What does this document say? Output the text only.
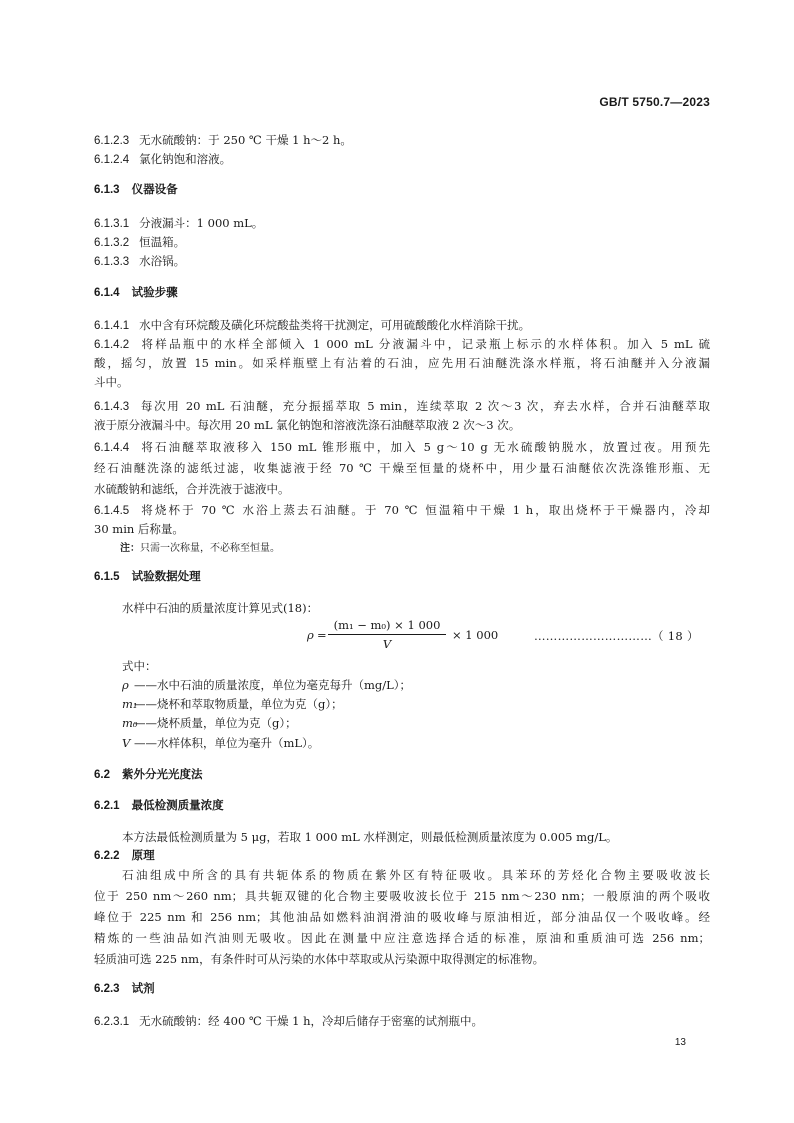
GB/T 5750.7—2023
6.1.2.3 无水硫酸钠：于 250 ℃ 干燥 1 h～2 h。
6.1.2.4 氯化钠饱和溶液。
6.1.3 仪器设备
6.1.3.1 分液漏斗：1 000 mL。
6.1.3.2 恒温箱。
6.1.3.3 水浴锅。
6.1.4 试验步骤
6.1.4.1 水中含有环烷酸及磺化环烷酸盐类将干扰测定，可用硫酸酸化水样消除干扰。
6.1.4.2 将样品瓶中的水样全部倾入 1 000 mL 分液漏斗中，记录瓶上标示的水样体积。加入 5 mL 硫
酸，摇匀，放置 15 min。如采样瓶壁上有沾着的石油，应先用石油醚洗涤水样瓶，将石油醚并入分液漏
斗中。
6.1.4.3 每次用 20 mL 石油醚，充分振摇萃取 5 min，连续萃取 2 次～3 次，弃去水样，合并石油醚萃取
液于原分液漏斗中。每次用 20 mL 氯化钠饱和溶液洗涤石油醚萃取液 2 次～3 次。
6.1.4.4 将石油醚萃取液移入 150 mL 锥形瓶中，加入 5 g～10 g 无水硫酸钠脱水，放置过夜。用预先
经石油醚洗涤的滤纸过滤，收集滤液于经 70 ℃ 干燥至恒量的烧杯中，用少量石油醚依次洗涤锥形瓶、无
水硫酸钠和滤纸，合并洗液于滤液中。
6.1.4.5 将烧杯于 70 ℃ 水浴上蒸去石油醚。于 70 ℃ 恒温箱中干燥 1 h，取出烧杯于干燥器内，冷却
30 min 后称量。
注：只需一次称量，不必称至恒量。
6.1.5 试验数据处理
水样中石油的质量浓度计算见式(18)：
ρ =
(m₁ − m₀) × 1 000
V
× 1 000	…………………………（ 18 ）
式中：
ρ ——水中石油的质量浓度，单位为毫克每升（mg/L）；
m₁——烧杯和萃取物质量，单位为克（g）；
m₀——烧杯质量，单位为克（g）；
V ——水样体积，单位为毫升（mL）。
6.2 紫外分光光度法
6.2.1 最低检测质量浓度
本方法最低检测质量为 5 μg，若取 1 000 mL 水样测定，则最低检测质量浓度为 0.005 mg/L。
6.2.2 原理
石油组成中所含的具有共轭体系的物质在紫外区有特征吸收。具苯环的芳烃化合物主要吸收波长
位于 250 nm～260 nm；具共轭双键的化合物主要吸收波长位于 215 nm～230 nm；一般原油的两个吸收
峰位于 225 nm 和 256 nm；其他油品如燃料油润滑油的吸收峰与原油相近，部分油品仅一个吸收峰。经
精炼的一些油品如汽油则无吸收。因此在测量中应注意选择合适的标准，原油和重质油可选 256 nm；
轻质油可选 225 nm，有条件时可从污染的水体中萃取或从污染源中取得测定的标准物。
6.2.3 试剂
6.2.3.1 无水硫酸钠：经 400 ℃ 干燥 1 h，冷却后储存于密塞的试剂瓶中。
13
